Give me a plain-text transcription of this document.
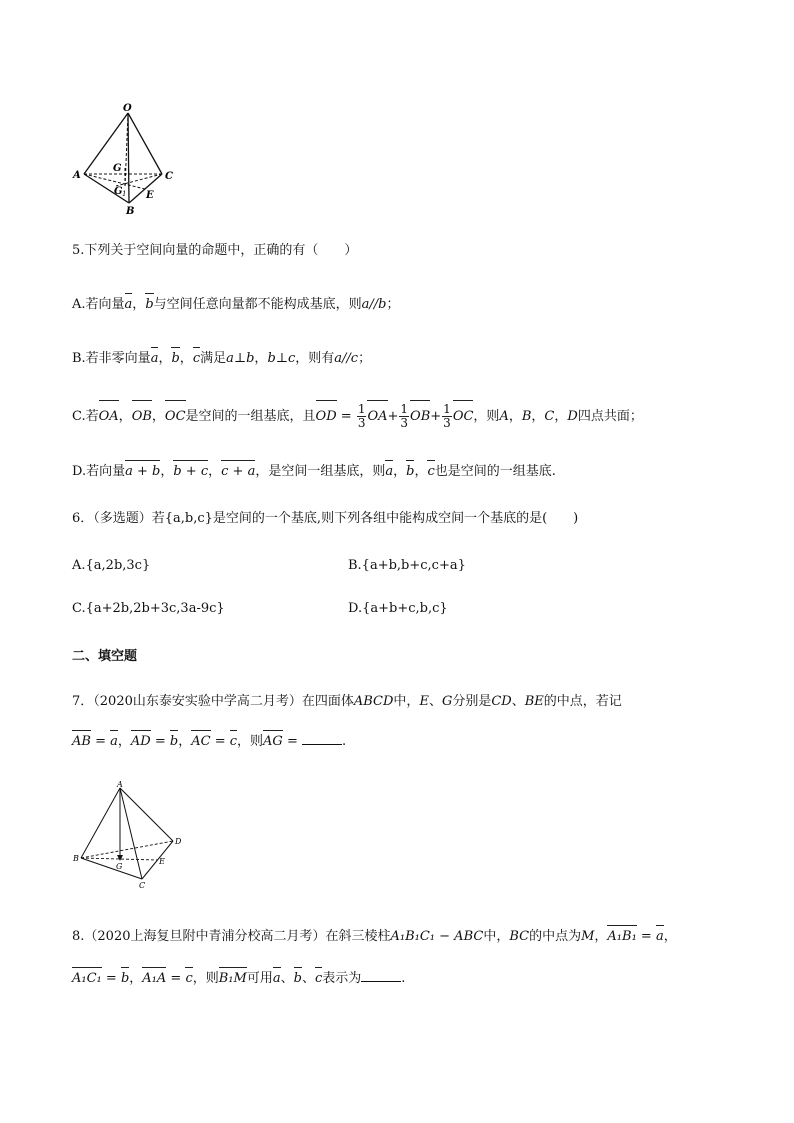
O
A	C
G
G 1
B
E
5.下列关于空间向量的命题中，正确的有（　　）
A.若向量a，b与空间任意向量都不能构成基底，则a//b；
B.若非零向量a，b，c满足a⊥b，b⊥c，则有a//c；
C.若OA，OB，OC是空间的一组基底，且OD = $\frac{1}{3} OA+ \frac{1}{3} OB+ \frac{1}{3}$ OC，则A，B，C，D四点共面；
D.若向量a + b，b + c，c + a，是空间一组基底，则a，b，c也是空间的一组基底.
6．（多选题）若{a,b,c}是空间的一个基底,则下列各组中能构成空间一个基底的是(　　)
A.{a,2b,3c}	B.{a+b,b+c,c+a}
C.{a+2b,2b+3c,3a-9c}	D.{a+b+c,b,c}
二、填空题
7．（2020山东泰安实验中学高二月考）在四面体ABCD中，E、G分别是CD、BE的中点，若记
AB = a，AD = b，AC = c，则AG =	.
A
D
B	E
G
C
8.（2020上海复旦附中青浦分校高二月考）在斜三棱柱A₁B₁C₁ − ABC中，BC的中点为M，A₁B₁ = a，
A₁C₁ = b，A₁A = c，则B₁M可用a、b、c表示为	.
